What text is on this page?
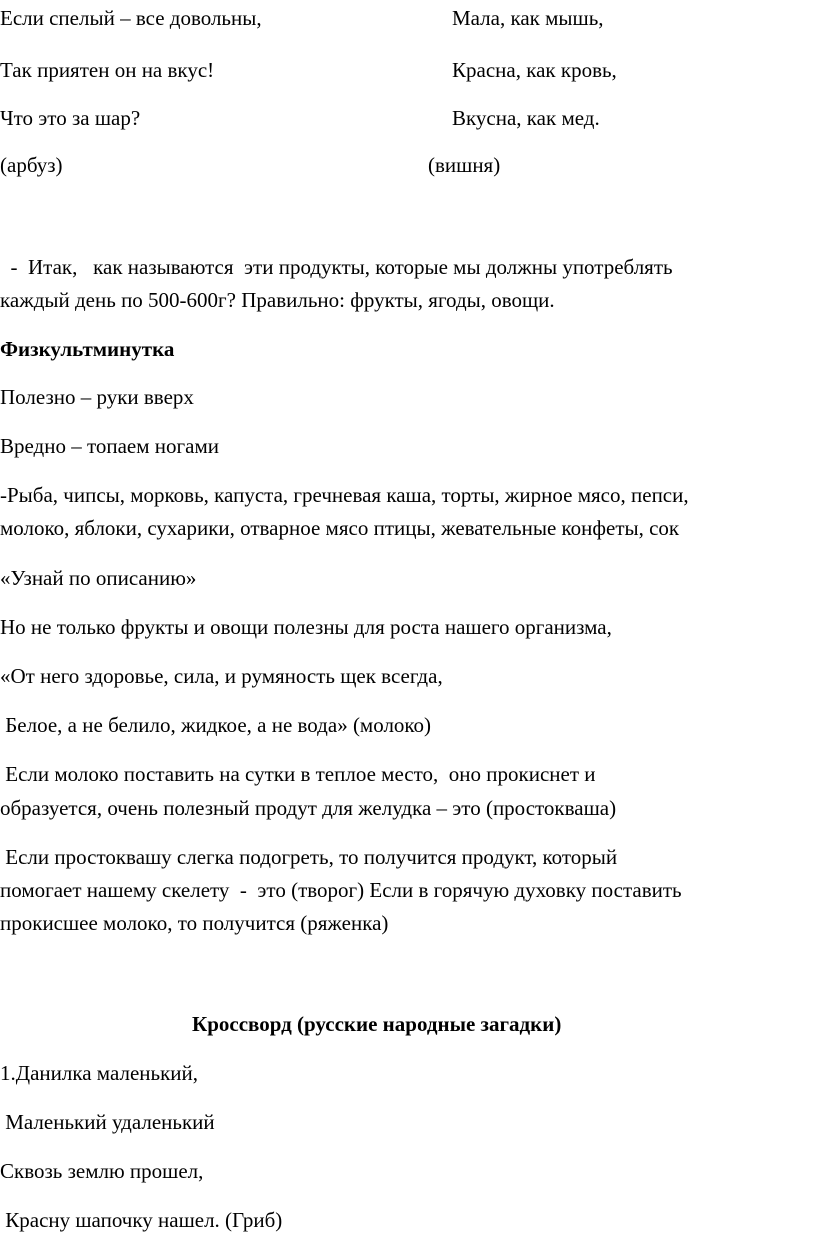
Если спелый – все довольны,
Так приятен он на вкус!
Что это за шар?
(арбуз)
Мала, как мышь,
Красна, как кровь,
Вкусна, как мед.
(вишня)
-  Итак,   как называются  эти продукты, которые мы должны употреблять
каждый день по 500-600г? Правильно: фрукты, ягоды, овощи.
Физкультминутка
Полезно – руки вверх
Вредно – топаем ногами
-Рыба, чипсы, морковь, капуста, гречневая каша, торты, жирное мясо, пепси,
молоко, яблоки, сухарики, отварное мясо птицы, жевательные конфеты, сок
«Узнай по описанию»
Но не только фрукты и овощи полезны для роста нашего организма,
«От него здоровье, сила, и румяность щек всегда,
Белое, а не белило, жидкое, а не вода» (молоко)
Если молоко поставить на сутки в теплое место,  оно прокиснет и
образуется, очень полезный продут для желудка – это (простокваша)
Если простоквашу слегка подогреть, то получится продукт, который
помогает нашему скелету  -  это (творог) Если в горячую духовку поставить
прокисшее молоко, то получится (ряженка)
Кроссворд (русские народные загадки)
1.Данилка маленький,
Маленький удаленький
Сквозь землю прошел,
Красну шапочку нашел. (Гриб)
